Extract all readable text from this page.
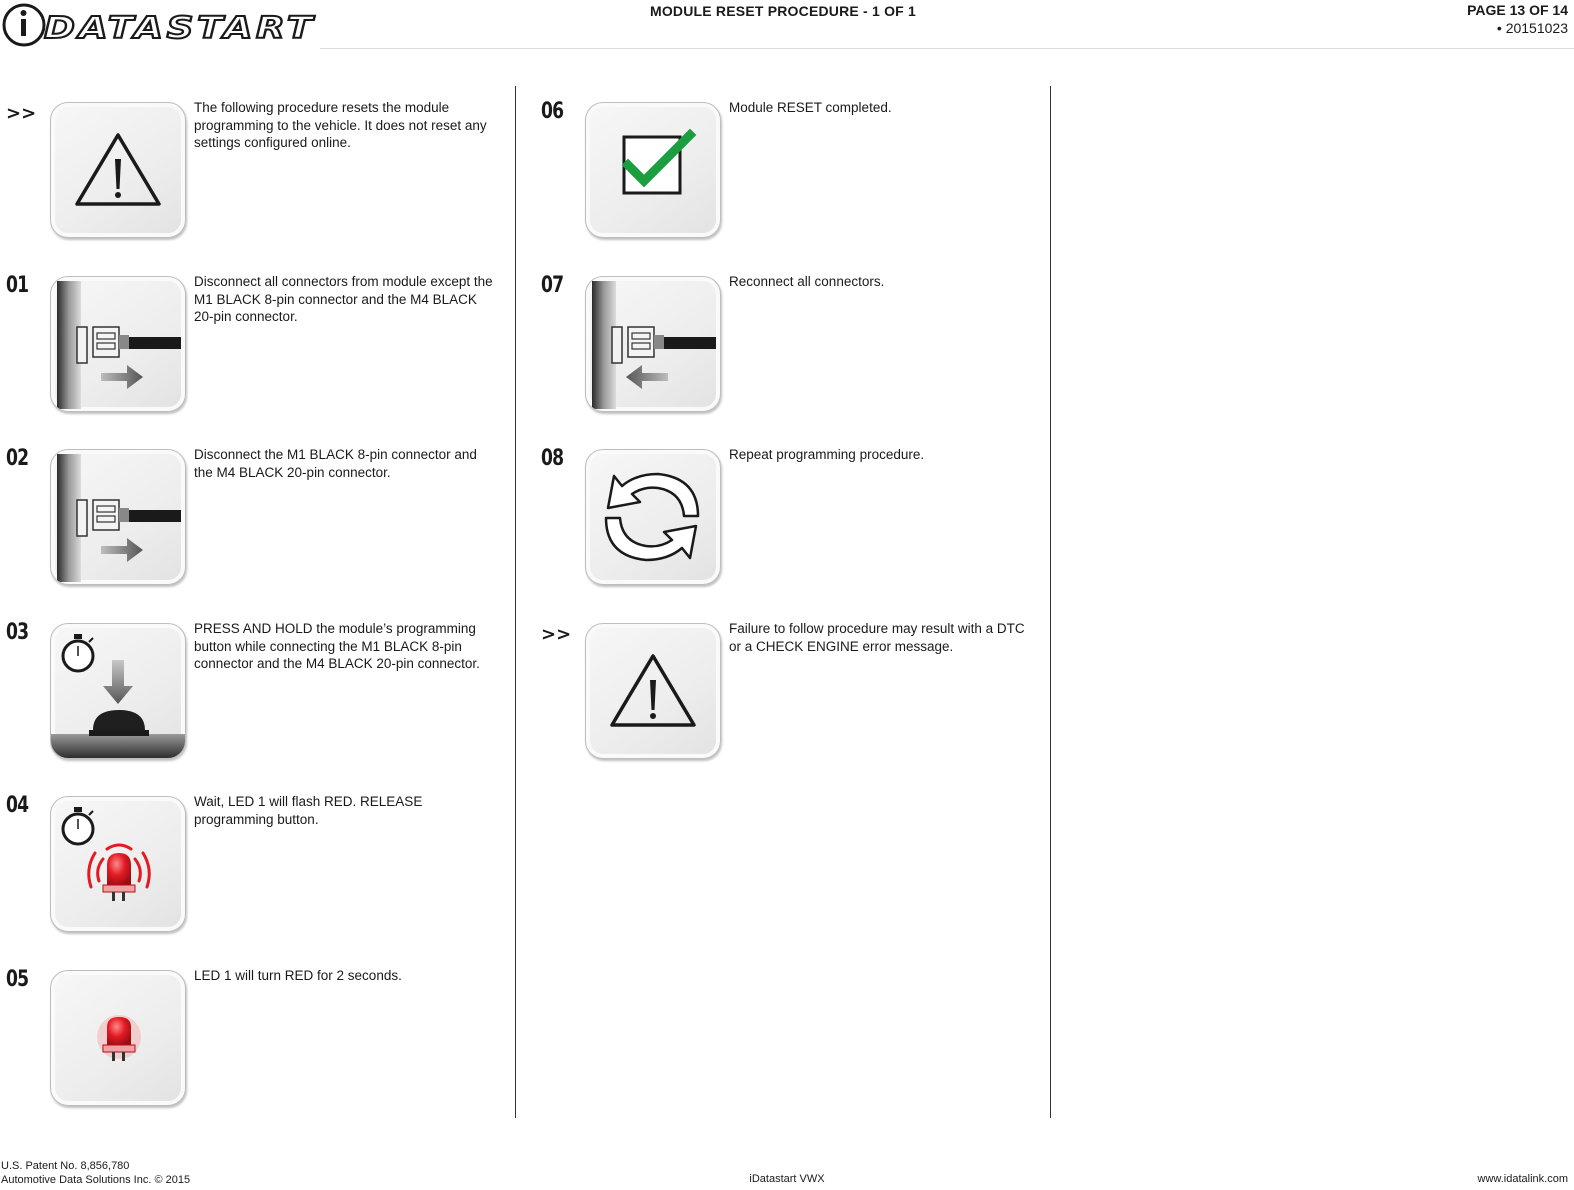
DATASTART	MODULE RESET PROCEDURE - 1 OF 1	PAGE 13 OF 14
• 20151023
>>	The following procedure resets the module programming to the vehicle. It does not reset any settings configured online.
01	Disconnect all connectors from module except the M1 BLACK 8-pin connector and the M4 BLACK 20-pin connector.
02	Disconnect the M1 BLACK 8-pin connector and the M4 BLACK 20-pin connector.
03	PRESS AND HOLD the module’s programming button while connecting the M1 BLACK 8-pin connector and the M4 BLACK 20-pin connector.
04	Wait, LED 1 will flash RED. RELEASE programming button.
05	LED 1 will turn RED for 2 seconds.
06	Module RESET completed.
07	Reconnect all connectors.
08	Repeat programming procedure.
>>	Failure to follow procedure may result with a DTC or a CHECK ENGINE error message.
U.S. Patent No. 8,856,780
Automotive Data Solutions Inc. © 2015	iDatastart VWX	www.idatalink.com
